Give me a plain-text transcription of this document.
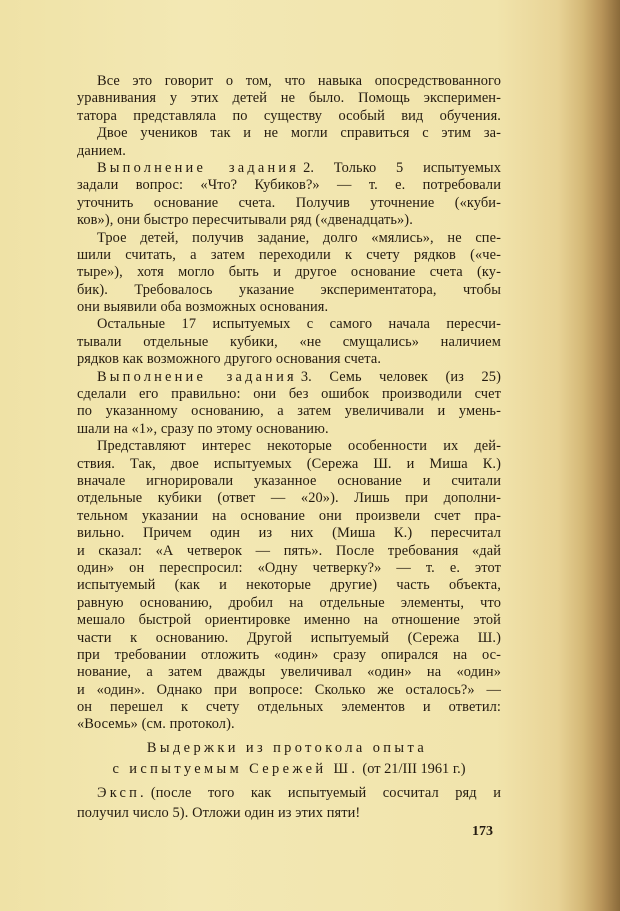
Все это говорит о том, что навыка опосредствованного
уравнивания у этих детей не было. Помощь эксперимен-
татора представляла по существу особый вид обучения.
Двое учеников так и не могли справиться с этим за-
данием.
Выполнение задания 2. Только 5 испытуемых
задали вопрос: «Что? Кубиков?» — т. е. потребовали
уточнить основание счета. Получив уточнение («куби-
ков»), они быстро пересчитывали ряд («двенадцать»).
Трое детей, получив задание, долго «мялись», не спе-
шили считать, а затем переходили к счету рядков («че-
тыре»), хотя могло быть и другое основание счета (ку-
бик). Требовалось указание экспериментатора, чтобы
они выявили оба возможных основания.
Остальные 17 испытуемых с самого начала пересчи-
тывали отдельные кубики, «не смущались» наличием
рядков как возможного другого основания счета.
Выполнение задания 3. Семь человек (из 25)
сделали его правильно: они без ошибок производили счет
по указанному основанию, а затем увеличивали и умень-
шали на «1», сразу по этому основанию.
Представляют интерес некоторые особенности их дей-
ствия. Так, двое испытуемых (Сережа Ш. и Миша К.)
вначале игнорировали указанное основание и считали
отдельные кубики (ответ — «20»). Лишь при дополни-
тельном указании на основание они произвели счет пра-
вильно. Причем один из них (Миша К.) пересчитал
и сказал: «А четверок — пять». После требования «дай
один» он переспросил: «Одну четверку?» — т. е. этот
испытуемый (как и некоторые другие) часть объекта,
равную основанию, дробил на отдельные элементы, что
мешало быстрой ориентировке именно на отношение этой
части к основанию. Другой испытуемый (Сережа Ш.)
при требовании отложить «один» сразу опирался на ос-
нование, а затем дважды увеличивал «один» на «один»
и «один». Однако при вопросе: Сколько же осталось?» —
он перешел к счету отдельных элементов и ответил:
«Восемь» (см. протокол).
Выдержки из протокола опыта
с испытуемым Сережей Ш. (от 21/III 1961 г.)
Эксп. (после того как испытуемый сосчитал ряд и
получил число 5). Отложи один из этих пяти!
173
